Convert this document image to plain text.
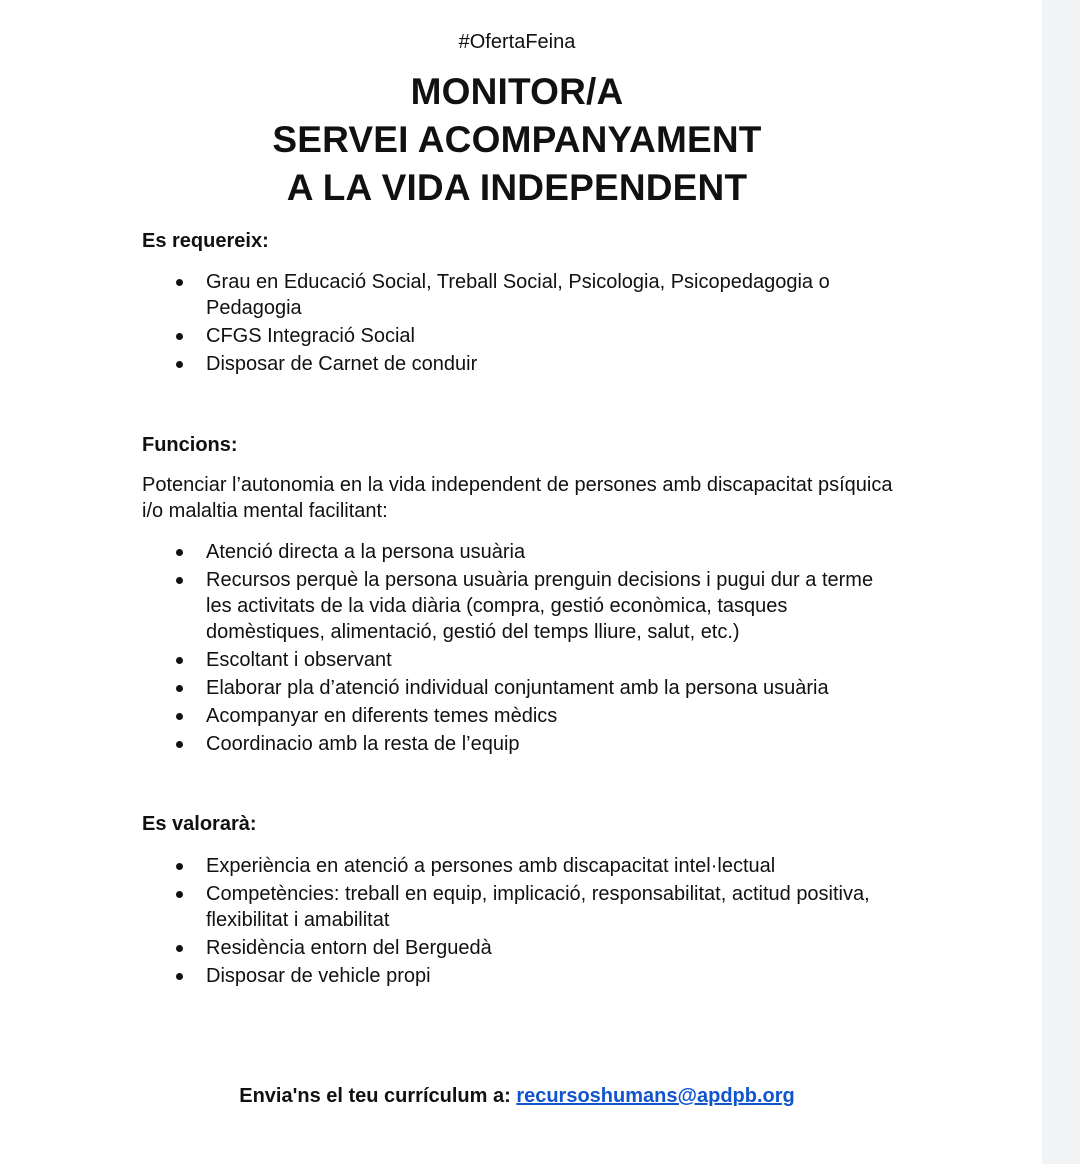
#OfertaFeina
MONITOR/A
SERVEI ACOMPANYAMENT
A LA VIDA INDEPENDENT
Es requereix:
Grau en Educació Social, Treball Social, Psicologia, Psicopedagogia o Pedagogia
CFGS Integració Social
Disposar de Carnet de conduir
Funcions:
Potenciar l’autonomia en la vida independent de persones amb discapacitat psíquica i/o malaltia mental facilitant:
Atenció directa a la persona usuària
Recursos perquè la persona usuària prenguin decisions i pugui dur a terme les activitats de la vida diària (compra, gestió econòmica, tasques domèstiques, alimentació, gestió del temps lliure, salut, etc.)
Escoltant i observant
Elaborar pla d’atenció individual conjuntament amb la persona usuària
Acompanyar en diferents temes mèdics
Coordinacio amb la resta de l’equip
Es valorarà:
Experiència en atenció a persones amb discapacitat intel·lectual
Competències: treball en equip, implicació, responsabilitat, actitud positiva, flexibilitat i amabilitat
Residència entorn del Berguedà
Disposar de vehicle propi
Envia'ns el teu currículum a: recursoshumans@apdpb.org
